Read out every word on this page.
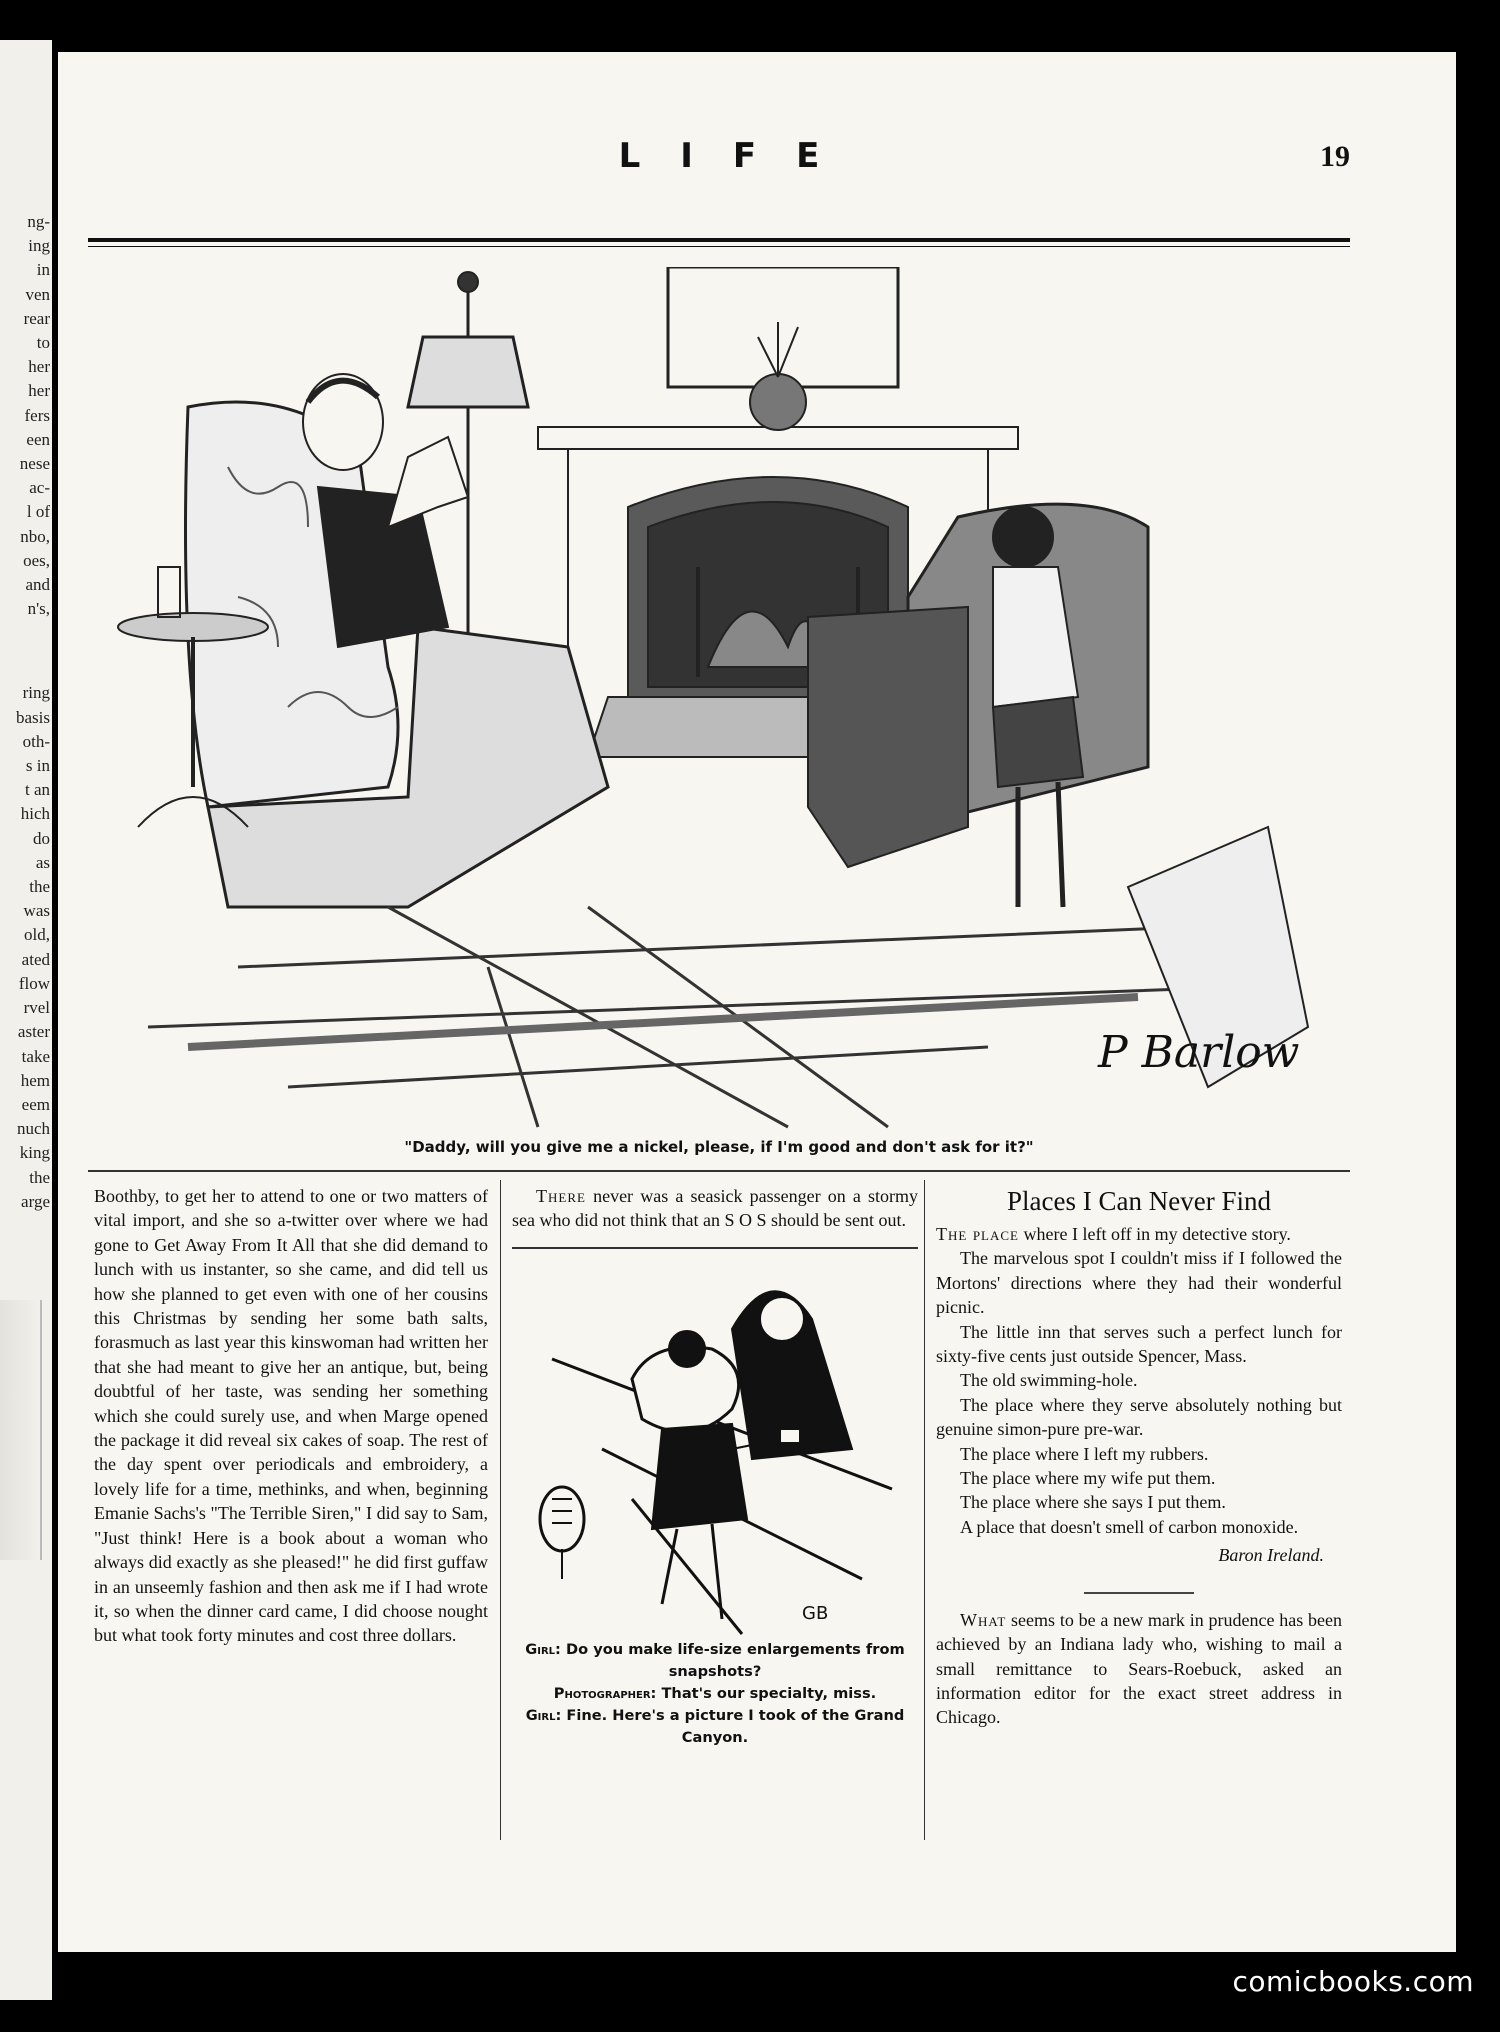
ng-
ing
in
ven
rear
to
her
her
fers
een
nese
ac-
l of
nbo,
oes,
and
n's,
ring
basis
oth-
s in
t an
hich
do
as
the
was
old,
ated
flow
rvel
aster
take
hem
eem
nuch
king
the
arge
LIFE	19
P Barlow
"Daddy, will you give me a nickel, please, if I'm good and don't ask for it?"

Boothby, to get her to attend to one or two matters of vital import, and she so a-twitter over where we had gone to Get Away From It All that she did demand to lunch with us instanter, so she came, and did tell us how she planned to get even with one of her cousins this Christmas by sending her some bath salts, forasmuch as last year this kinswoman had written her that she had meant to give her an antique, but, being doubtful of her taste, was sending her something which she could surely use, and when Marge opened the package it did reveal six cakes of soap. The rest of the day spent over periodicals and embroidery, a lovely life for a time, methinks, and when, beginning Emanie Sachs's "The Terrible Siren," I did say to Sam, "Just think! Here is a book about a woman who always did exactly as she pleased!" he did first guffaw in an unseemly fashion and then ask me if I had wrote it, so when the dinner card came, I did choose nought but what took forty minutes and cost three dollars.

There never was a seasick passenger on a stormy sea who did not think that an S O S should be sent out.

GB

Girl: Do you make life-size enlargements from snapshots?

Photographer: That's our specialty, miss.

Girl: Fine. Here's a picture I took of the Grand Canyon.

Places I Can Never Find

The place where I left off in my detective story.

The marvelous spot I couldn't miss if I followed the Mortons' directions where they had their wonderful picnic.

The little inn that serves such a perfect lunch for sixty-five cents just outside Spencer, Mass.

The old swimming-hole.

The place where they serve absolutely nothing but genuine simon-pure pre-war.

The place where I left my rubbers.

The place where my wife put them.

The place where she says I put them.

A place that doesn't smell of carbon monoxide.

Baron Ireland.

What seems to be a new mark in prudence has been achieved by an Indiana lady who, wishing to mail a small remittance to Sears-Roebuck, asked an information editor for the exact street address in Chicago.

comicbooks.com
